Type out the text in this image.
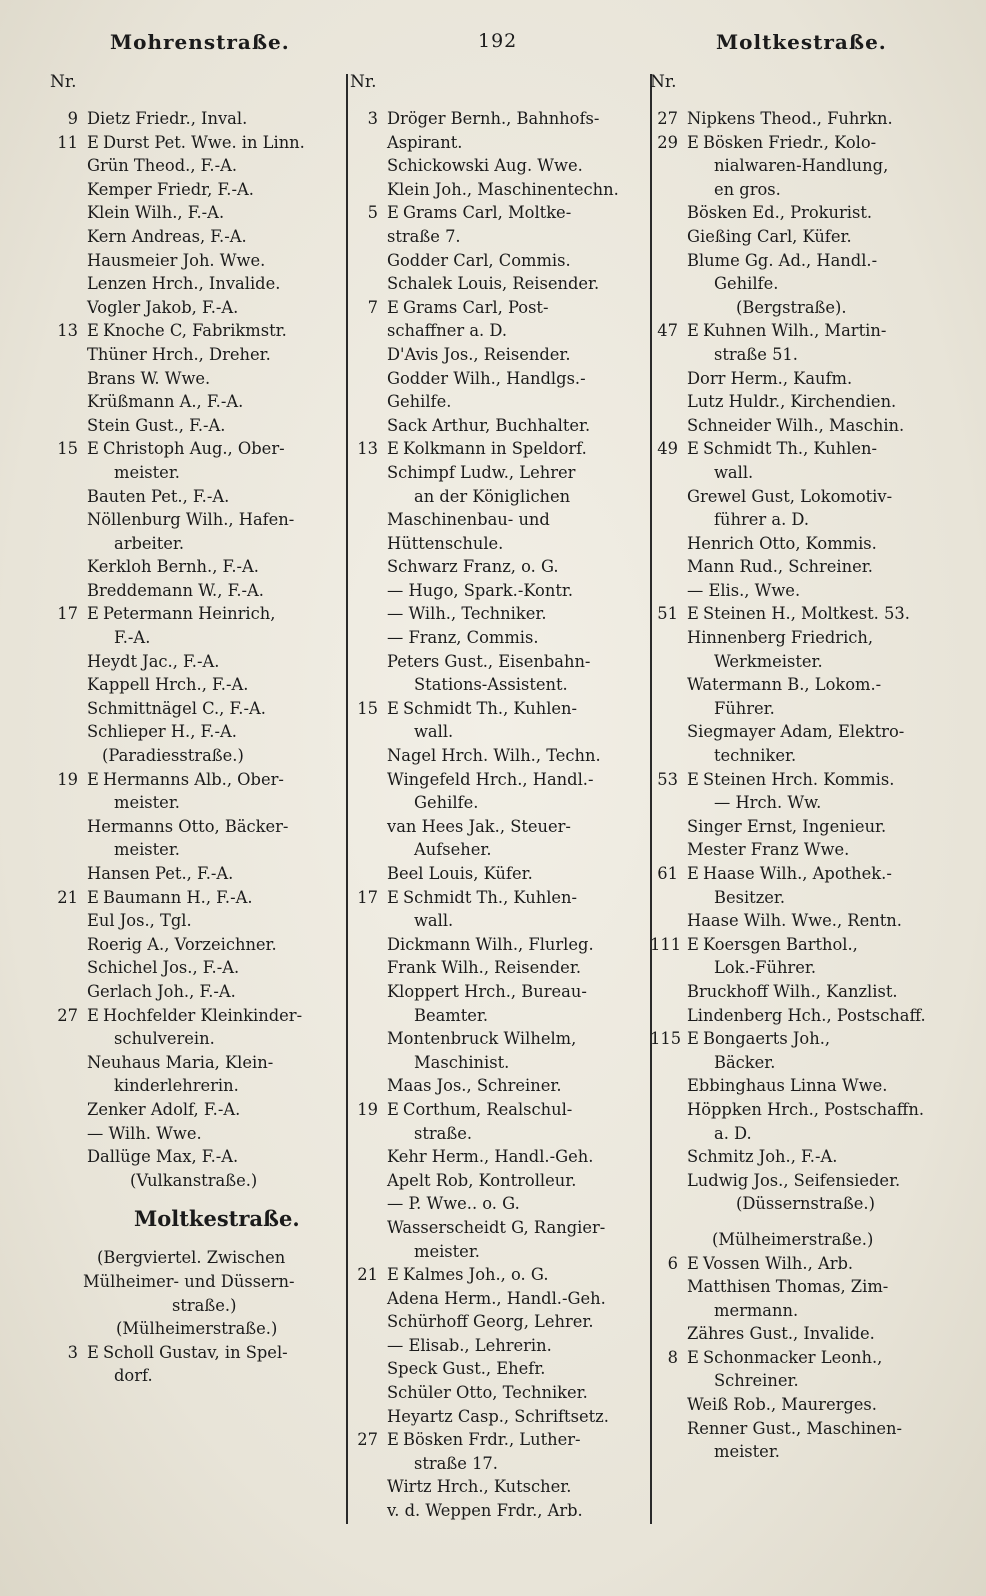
Mohrenstraße.	192	Moltkestraße.
Nr.
9 Dietz Friedr., Inval.
11 E Durst Pet. Wwe. in Linn.
Grün Theod., F.-A.
Kemper Friedr, F.-A.
Klein Wilh., F.-A.
Kern Andreas, F.-A.
Hausmeier Joh. Wwe.
Lenzen Hrch., Invalide.
Vogler Jakob, F.-A.
13 E Knoche C, Fabrikmstr.
Thüner Hrch., Dreher.
Brans W. Wwe.
Krüßmann A., F.-A.
Stein Gust., F.-A.
15 E Christoph Aug., Ober-
meister.
Bauten Pet., F.-A.
Nöllenburg Wilh., Hafen-
arbeiter.
Kerkloh Bernh., F.-A.
Breddemann W., F.-A.
17 E Petermann Heinrich,
F.-A.
Heydt Jac., F.-A.
Kappell Hrch., F.-A.
Schmittnägel C., F.-A.
Schlieper H., F.-A.
(Paradiesstraße.)
19 E Hermanns Alb., Ober-
meister.
Hermanns Otto, Bäcker-
meister.
Hansen Pet., F.-A.
21 E Baumann H., F.-A.
Eul Jos., Tgl.
Roerig A., Vorzeichner.
Schichel Jos., F.-A.
Gerlach Joh., F.-A.
27 E Hochfelder Kleinkinder-
schulverein.
Neuhaus Maria, Klein-
kinderlehrerin.
Zenker Adolf, F.-A.
— Wilh. Wwe.
Dallüge Max, F.-A.
(Vulkanstraße.)
Moltkestraße.
(Bergviertel. Zwischen
Mülheimer- und Düssern-
straße.)
(Mülheimerstraße.)
3 E Scholl Gustav, in Spel-
dorf.
Nr.
3 Dröger Bernh., Bahnhofs-
Aspirant.
Schickowski Aug. Wwe.
Klein Joh., Maschinentechn.
5 E Grams Carl, Moltke-
straße 7.
Godder Carl, Commis.
Schalek Louis, Reisender.
7 E Grams Carl, Post-
schaffner a. D.
D'Avis Jos., Reisender.
Godder Wilh., Handlgs.-
Gehilfe.
Sack Arthur, Buchhalter.
13 E Kolkmann in Speldorf.
Schimpf Ludw., Lehrer
an der Königlichen
Maschinenbau- und
Hüttenschule.
Schwarz Franz, o. G.
— Hugo, Spark.-Kontr.
— Wilh., Techniker.
— Franz, Commis.
Peters Gust., Eisenbahn-
Stations-Assistent.
15 E Schmidt Th., Kuhlen-
wall.
Nagel Hrch. Wilh., Techn.
Wingefeld Hrch., Handl.-
Gehilfe.
van Hees Jak., Steuer-
Aufseher.
Beel Louis, Küfer.
17 E Schmidt Th., Kuhlen-
wall.
Dickmann Wilh., Flurleg.
Frank Wilh., Reisender.
Kloppert Hrch., Bureau-
Beamter.
Montenbruck Wilhelm,
Maschinist.
Maas Jos., Schreiner.
19 E Corthum, Realschul-
straße.
Kehr Herm., Handl.-Geh.
Apelt Rob, Kontrolleur.
— P. Wwe.. o. G.
Wasserscheidt G, Rangier-
meister.
21 E Kalmes Joh., o. G.
Adena Herm., Handl.-Geh.
Schürhoff Georg, Lehrer.
— Elisab., Lehrerin.
Speck Gust., Ehefr.
Schüler Otto, Techniker.
Heyartz Casp., Schriftsetz.
27 E Bösken Frdr., Luther-
straße 17.
Wirtz Hrch., Kutscher.
v. d. Weppen Frdr., Arb.
Nr.
27 Nipkens Theod., Fuhrkn.
29 E Bösken Friedr., Kolo-
nialwaren-Handlung,
en gros.
Bösken Ed., Prokurist.
Gießing Carl, Küfer.
Blume Gg. Ad., Handl.-
Gehilfe.
(Bergstraße).
47 E Kuhnen Wilh., Martin-
straße 51.
Dorr Herm., Kaufm.
Lutz Huldr., Kirchendien.
Schneider Wilh., Maschin.
49 E Schmidt Th., Kuhlen-
wall.
Grewel Gust, Lokomotiv-
führer a. D.
Henrich Otto, Kommis.
Mann Rud., Schreiner.
— Elis., Wwe.
51 E Steinen H., Moltkest. 53.
Hinnenberg Friedrich,
Werkmeister.
Watermann B., Lokom.-
Führer.
Siegmayer Adam, Elektro-
techniker.
53 E Steinen Hrch. Kommis.
— Hrch. Ww.
Singer Ernst, Ingenieur.
Mester Franz Wwe.
61 E Haase Wilh., Apothek.-
Besitzer.
Haase Wilh. Wwe., Rentn.
111 E Koersgen Barthol.,
Lok.-Führer.
Bruckhoff Wilh., Kanzlist.
Lindenberg Hch., Postschaff.
115 E Bongaerts Joh.,
Bäcker.
Ebbinghaus Linna Wwe.
Höppken Hrch., Postschaffn.
a. D.
Schmitz Joh., F.-A.
Ludwig Jos., Seifensieder.
(Düssernstraße.)
(Mülheimerstraße.)
6 E Vossen Wilh., Arb.
Matthisen Thomas, Zim-
mermann.
Zähres Gust., Invalide.
8 E Schonmacker Leonh.,
Schreiner.
Weiß Rob., Maurerges.
Renner Gust., Maschinen-
meister.
